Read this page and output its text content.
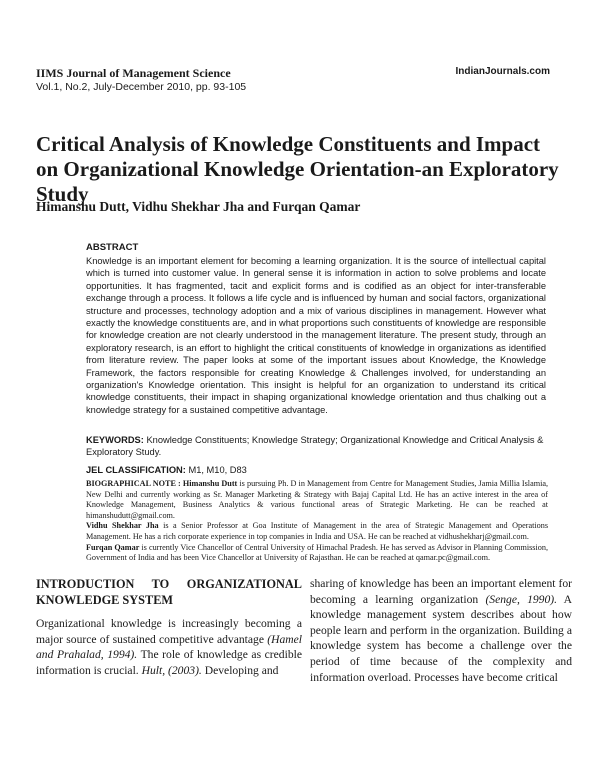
IIMS Journal of Management Science
Vol.1, No.2, July-December 2010, pp. 93-105
IndianJournals.com
Critical Analysis of Knowledge Constituents and Impact on Organizational Knowledge Orientation-an Exploratory Study
Himanshu Dutt, Vidhu Shekhar Jha and Furqan Qamar
ABSTRACT
Knowledge is an important element for becoming a learning organization. It is the source of intellectual capital which is turned into customer value. In general sense it is information in action to solve problems and locate opportunities. It has fragmented, tacit and explicit forms and is codified as an object for inter-transferable exchange through a process. It follows a life cycle and is influenced by human and social factors, organizational structure and processes, technology adoption and a mix of various disciplines in management. However what exactly the knowledge constituents are, and in what proportions such constituents of knowledge are responsible for knowledge creation are not clearly understood in the management literature. The present study, through an exploratory research, is an effort to highlight the critical constituents of knowledge in organizations as identified from literature review. The paper looks at some of the important issues about Knowledge, the Knowledge Framework, the factors responsible for creating Knowledge & Challenges involved, for understanding an organization's Knowledge orientation. This insight is helpful for an organization to understand its critical knowledge constituents, their impact in shaping organizational knowledge orientation and thus chalking out a knowledge strategy for a sustained competitive advantage.
KEYWORDS: Knowledge Constituents; Knowledge Strategy; Organizational Knowledge and Critical Analysis & Exploratory Study.
JEL CLASSIFICATION: M1, M10, D83
BIOGRAPHICAL NOTE : Himanshu Dutt is pursuing Ph. D in Management from Centre for Management Studies, Jamia Millia Islamia, New Delhi and currently working as Sr. Manager Marketing & Strategy with Bajaj Capital Ltd. He has an active interest in the area of Knowledge Management, Business Analytics & various functional areas of Strategic Marketing. He can be reached at himanshudutt@gmail.com.
Vidhu Shekhar Jha is a Senior Professor at Goa Institute of Management in the area of Strategic Management and Operations Management. He has a rich corporate experience in top companies in India and USA. He can be reached at vidhushekharj@gmail.com.
Furqan Qamar is currently Vice Chancellor of Central University of Himachal Pradesh. He has served as Advisor in Planning Commission, Government of India and has been Vice Chancellor at University of Rajasthan. He can be reached at qamar.pc@gmail.com.
INTRODUCTION TO ORGANIZATIONAL KNOWLEDGE SYSTEM
Organizational knowledge is increasingly becoming a major source of sustained competitive advantage (Hamel and Prahalad, 1994). The role of knowledge as credible information is crucial. Hult, (2003). Developing and
sharing of knowledge has been an important element for becoming a learning organization (Senge, 1990). A knowledge management system describes about how people learn and perform in the organization. Building a knowledge system has become a challenge over the period of time because of the complexity and information overload. Processes have become critical
